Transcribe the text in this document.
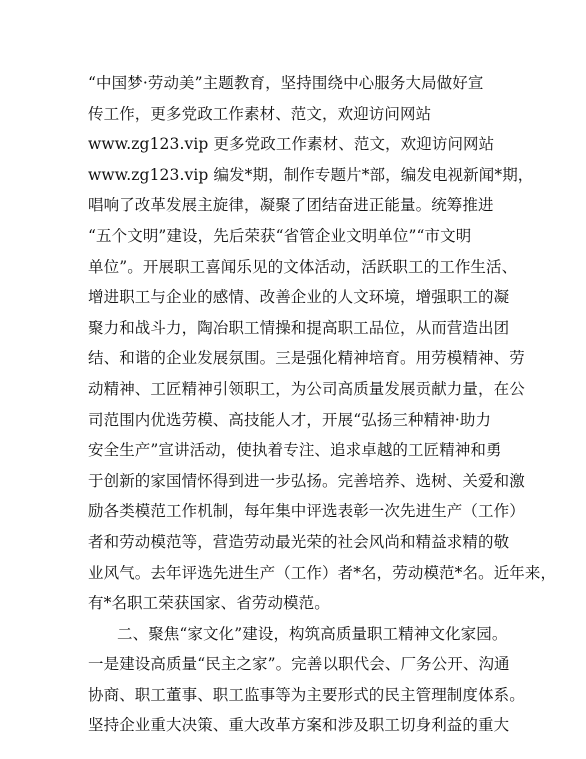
“中国梦·劳动美”主题教育，坚持围绕中心服务大局做好宣
传工作，更多党政工作素材、范文，欢迎访问网站
www.zg123.vip 更多党政工作素材、范文，欢迎访问网站
www.zg123.vip 编发*期，制作专题片*部，编发电视新闻*期，
唱响了改革发展主旋律，凝聚了团结奋进正能量。统筹推进
“五个文明”建设，先后荣获“省管企业文明单位”“市文明
单位”。开展职工喜闻乐见的文体活动，活跃职工的工作生活、
增进职工与企业的感情、改善企业的人文环境，增强职工的凝
聚力和战斗力，陶冶职工情操和提高职工品位，从而营造出团
结、和谐的企业发展氛围。三是强化精神培育。用劳模精神、劳
动精神、工匠精神引领职工，为公司高质量发展贡献力量，在公
司范围内优选劳模、高技能人才，开展“弘扬三种精神·助力
安全生产”宣讲活动，使执着专注、追求卓越的工匠精神和勇
于创新的家国情怀得到进一步弘扬。完善培养、选树、关爱和激
励各类模范工作机制，每年集中评选表彰一次先进生产（工作）
者和劳动模范等，营造劳动最光荣的社会风尚和精益求精的敬
业风气。去年评选先进生产（工作）者*名，劳动模范*名。近年来，
有*名职工荣获国家、省劳动模范。
二、聚焦“家文化”建设，构筑高质量职工精神文化家园。
一是建设高质量“民主之家”。完善以职代会、厂务公开、沟通
协商、职工董事、职工监事等为主要形式的民主管理制度体系。
坚持企业重大决策、重大改革方案和涉及职工切身利益的重大
